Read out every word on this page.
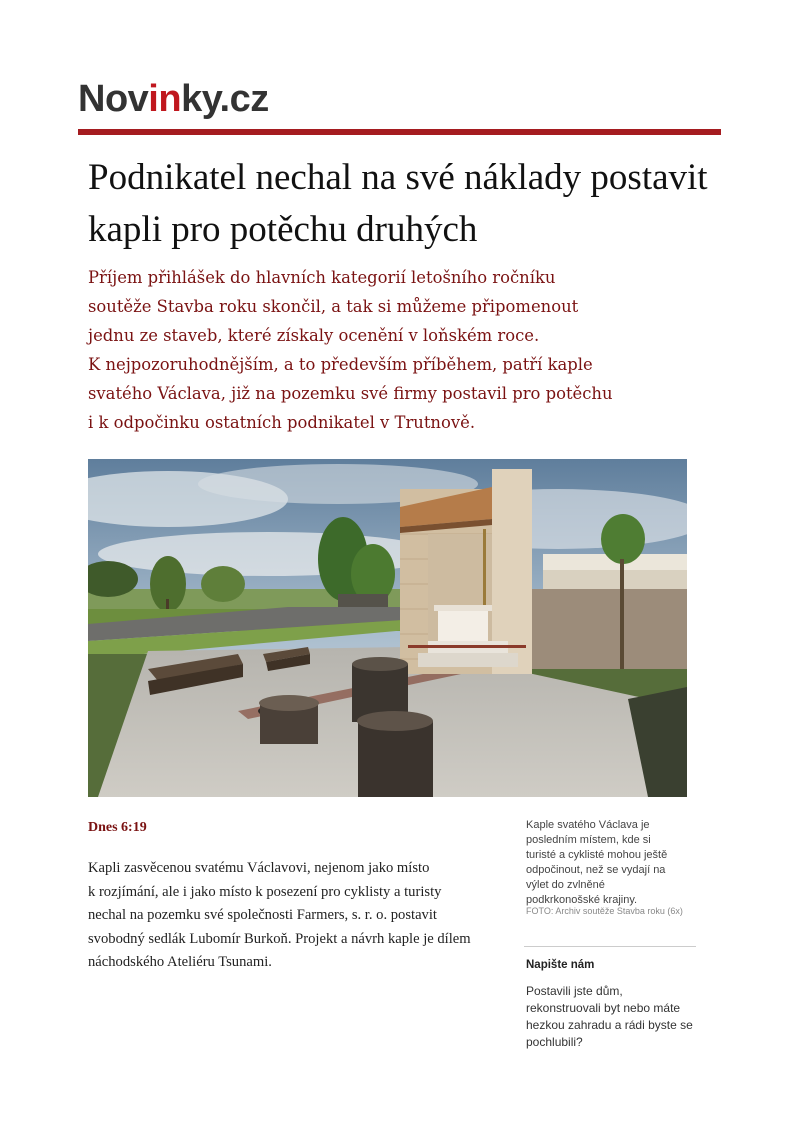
Novinky.cz
Podnikatel nechal na své náklady postavit kapli pro potěchu druhých
Příjem přihlášek do hlavních kategorií letošního ročníku
soutěže Stavba roku skončil, a tak si můžeme připomenout
jednu ze staveb, které získaly ocenění v loňském roce.
K nejpozoruhodnějším, a to především příběhem, patří kaple
svatého Václava, již na pozemku své firmy postavil pro potěchu
i k odpočinku ostatních podnikatel v Trutnově.
Dnes 6:19
Kapli zasvěcenou svatému Václavovi, nejenom jako místo
k rozjímání, ale i jako místo k posezení pro cyklisty a turisty
nechal na pozemku své společnosti Farmers, s. r. o. postavit
svobodný sedlák Lubomír Burkoň. Projekt a návrh kaple je dílem
náchodského Ateliéru Tsunami.
Kaple svatého Václava je
posledním místem, kde si
turisté a cyklisté mohou ještě
odpočinout, než se vydají na
výlet do zvlněné
podkrkonošské krajiny.
FOTO: Archiv soutěže Stavba roku (6x)
Napište nám
Postavili jste dům,
rekonstruovali byt nebo máte
hezkou zahradu a rádi byste se
pochlubili?
